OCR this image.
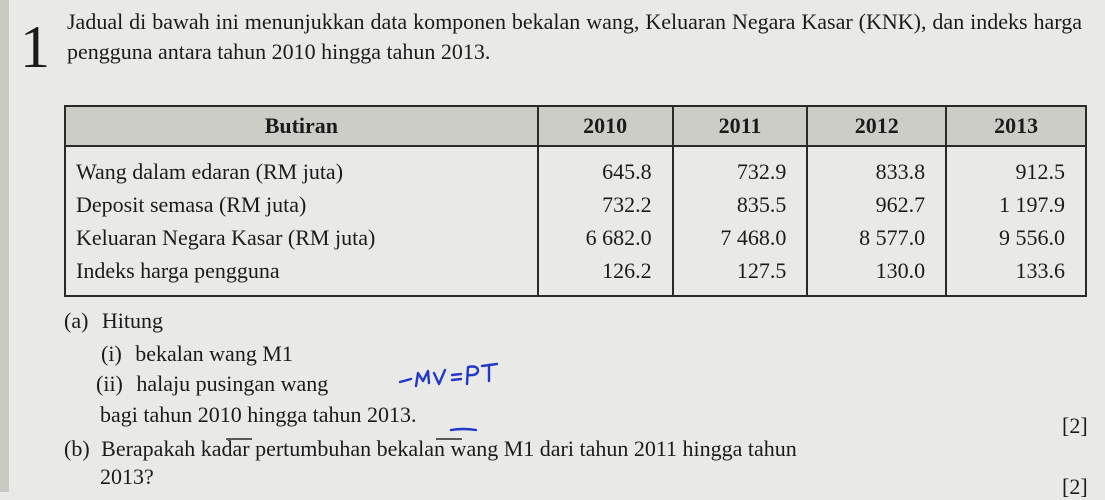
1 Jadual di bawah ini menunjukkan data komponen bekalan wang, Keluaran Negara Kasar (KNK), dan indeks harga pengguna antara tahun 2010 hingga tahun 2013.
Butiran	2010	2011	2012	2013
Wang dalam edaran (RM juta)	645.8	732.9	833.8	912.5
Deposit semasa (RM juta)	732.2	835.5	962.7	1 197.9
Keluaran Negara Kasar (RM juta)	6 682.0	7 468.0	8 577.0	9 556.0
Indeks harga pengguna	126.2	127.5	130.0	133.6
(a) Hitung
(i) bekalan wang M1
(ii) halaju pusingan wang	MV=PT
bagi tahun 2010 hingga tahun 2013.	[2]
(b) Berapakah kadar pertumbuhan bekalan wang M1 dari tahun 2011 hingga tahun
2013?	[2]
